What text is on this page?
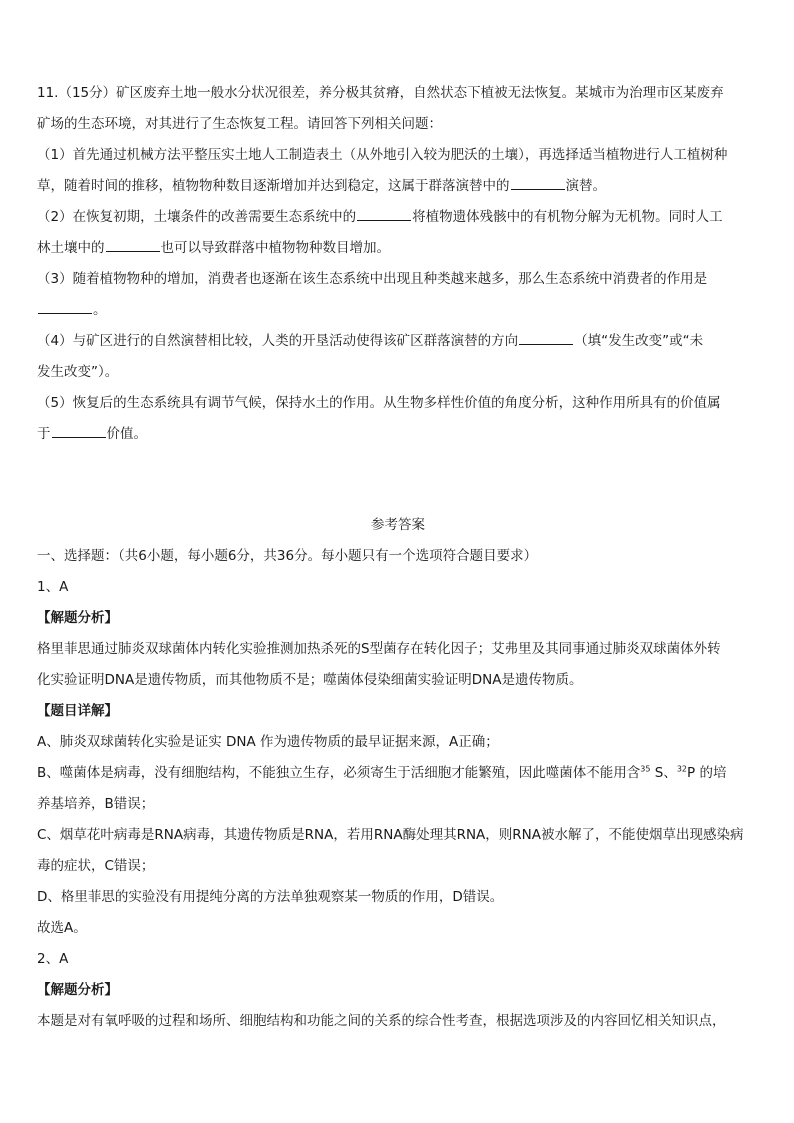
11.（15分）矿区废弃土地一般水分状况很差，养分极其贫瘠，自然状态下植被无法恢复。某城市为治理市区某废弃
矿场的生态环境，对其进行了生态恢复工程。请回答下列相关问题：
（1）首先通过机械方法平整压实土地人工制造表土（从外地引入较为肥沃的土壤），再选择适当植物进行人工植树种
草，随着时间的推移，植物物种数目逐渐增加并达到稳定，这属于群落演替中的	演替。
（2）在恢复初期，土壤条件的改善需要生态系统中的	将植物遗体残骸中的有机物分解为无机物。同时人工
林土壤中的	也可以导致群落中植物物种数目增加。
（3）随着植物物种的增加，消费者也逐渐在该生态系统中出现且种类越来越多，那么生态系统中消费者的作用是
。
（4）与矿区进行的自然演替相比较，人类的开垦活动使得该矿区群落演替的方向	（填“发生改变”或“未
发生改变”）。
（5）恢复后的生态系统具有调节气候，保持水土的作用。从生物多样性价值的角度分析，这种作用所具有的价值属
于	价值。
参考答案
一、选择题：（共6小题，每小题6分，共36分。每小题只有一个选项符合题目要求）
1、A
【解题分析】
格里菲思通过肺炎双球菌体内转化实验推测加热杀死的S型菌存在转化因子；艾弗里及其同事通过肺炎双球菌体外转
化实验证明DNA是遗传物质，而其他物质不是；噬菌体侵染细菌实验证明DNA是遗传物质。
【题目详解】
A、肺炎双球菌转化实验是证实 DNA 作为遗传物质的最早证据来源，A正确；
B、噬菌体是病毒，没有细胞结构，不能独立生存，必须寄生于活细胞才能繁殖，因此噬菌体不能用含$^{35}$ S、$^{32}$P 的培
养基培养，B错误；
C、烟草花叶病毒是RNA病毒，其遗传物质是RNA，若用RNA酶处理其RNA，则RNA被水解了，不能使烟草出现感染病
毒的症状，C错误；
D、格里菲思的实验没有用提纯分离的方法单独观察某一物质的作用，D错误。
故选A。
2、A
【解题分析】
本题是对有氧呼吸的过程和场所、细胞结构和功能之间的关系的综合性考查，根据选项涉及的内容回忆相关知识点，
